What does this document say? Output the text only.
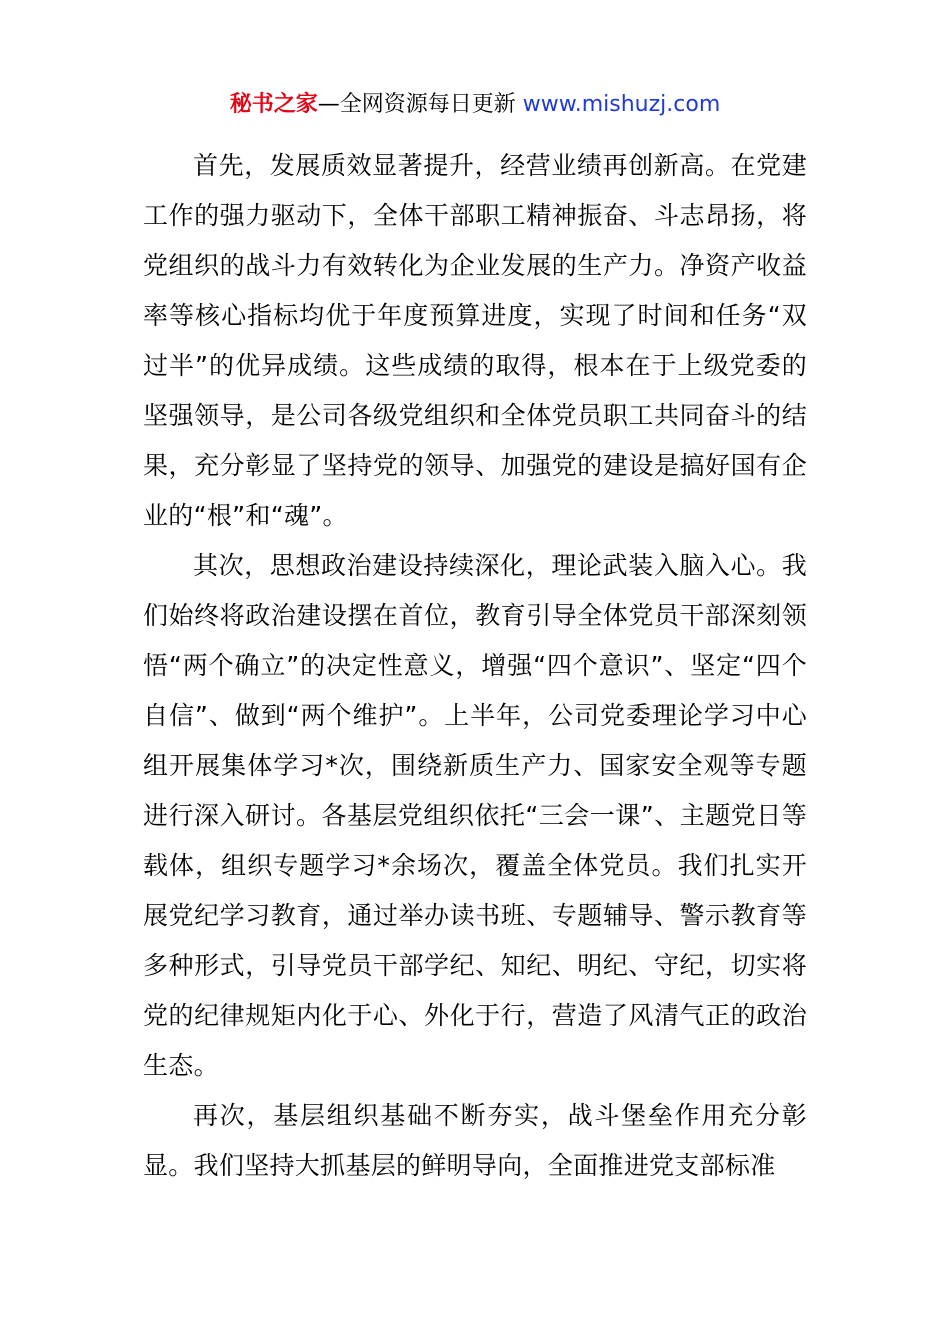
秘书之家—全网资源每日更新 www.mishuzj.com

首先，发展质效显著提升，经营业绩再创新高。在党建工作的强力驱动下，全体干部职工精神振奋、斗志昂扬，将党组织的战斗力有效转化为企业发展的生产力。净资产收益率等核心指标均优于年度预算进度，实现了时间和任务“双过半”的优异成绩。这些成绩的取得，根本在于上级党委的坚强领导，是公司各级党组织和全体党员职工共同奋斗的结果，充分彰显了坚持党的领导、加强党的建设是搞好国有企业的“根”和“魂”。

其次，思想政治建设持续深化，理论武装入脑入心。我们始终将政治建设摆在首位，教育引导全体党员干部深刻领悟“两个确立”的决定性意义，增强“四个意识”、坚定“四个自信”、做到“两个维护”。上半年，公司党委理论学习中心组开展集体学习*次，围绕新质生产力、国家安全观等专题进行深入研讨。各基层党组织依托“三会一课”、主题党日等载体，组织专题学习*余场次，覆盖全体党员。我们扎实开展党纪学习教育，通过举办读书班、专题辅导、警示教育等多种形式，引导党员干部学纪、知纪、明纪、守纪，切实将党的纪律规矩内化于心、外化于行，营造了风清气正的政治生态。

再次，基层组织基础不断夯实，战斗堡垒作用充分彰显。我们坚持大抓基层的鲜明导向，全面推进党支部标准
